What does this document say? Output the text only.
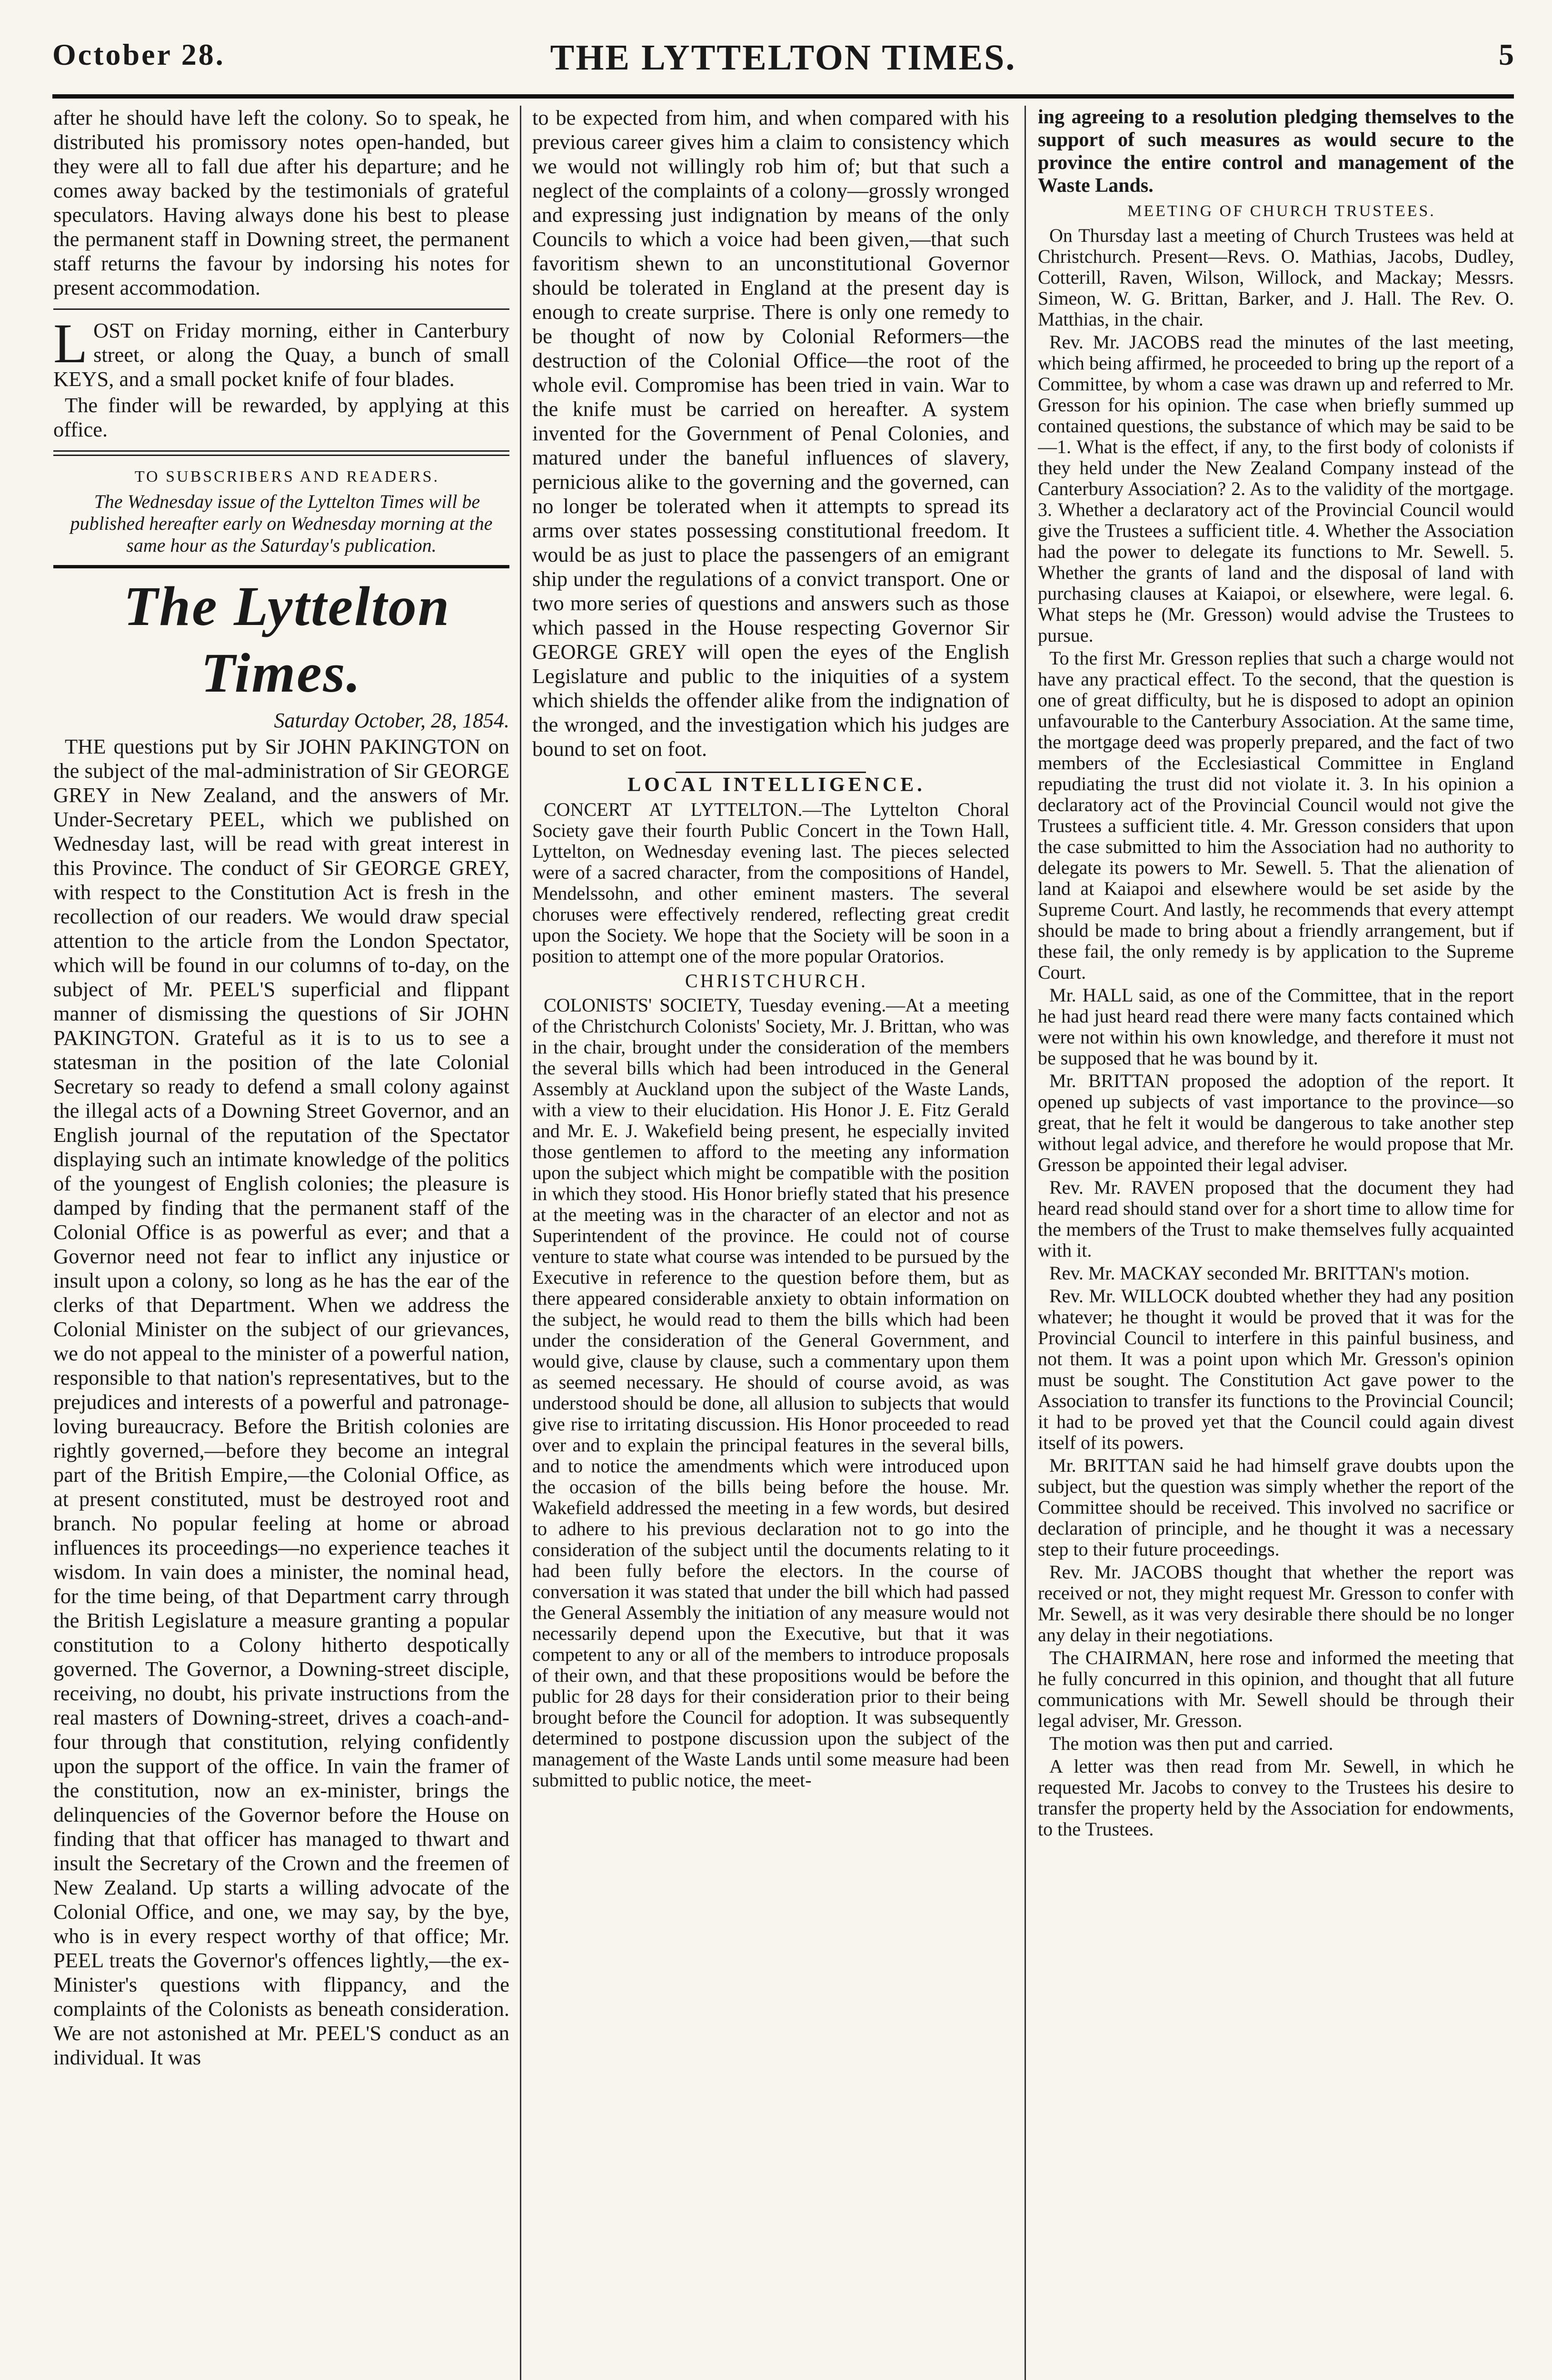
October 28.	THE LYTTELTON TIMES.	5

after he should have left the colony. So to speak, he distributed his promissory notes open-handed, but they were all to fall due after his departure; and he comes away backed by the testimonials of grateful speculators. Having always done his best to please the permanent staff in Downing street, the permanent staff returns the favour by indorsing his notes for present accommodation.

L OST on Friday morning, either in Canterbury street, or along the Quay, a bunch of small KEYS, and a small pocket knife of four blades.

The finder will be rewarded, by applying at this office.

TO SUBSCRIBERS AND READERS.

The Wednesday issue of the Lyttelton Times will be published hereafter early on Wednesday morning at the same hour as the Saturday's publication.

The Lyttelton Times.

Saturday October, 28, 1854.

THE questions put by Sir JOHN PAKINGTON on the subject of the mal-administration of Sir GEORGE GREY in New Zealand, and the answers of Mr. Under-Secretary PEEL, which we published on Wednesday last, will be read with great interest in this Province. The conduct of Sir GEORGE GREY, with respect to the Constitution Act is fresh in the recollection of our readers. We would draw special attention to the article from the London Spectator, which will be found in our columns of to-day, on the subject of Mr. PEEL'S superficial and flippant manner of dismissing the questions of Sir JOHN PAKINGTON. Grateful as it is to us to see a statesman in the position of the late Colonial Secretary so ready to defend a small colony against the illegal acts of a Downing Street Governor, and an English journal of the reputation of the Spectator displaying such an intimate knowledge of the politics of the youngest of English colonies; the pleasure is damped by finding that the permanent staff of the Colonial Office is as powerful as ever; and that a Governor need not fear to inflict any injustice or insult upon a colony, so long as he has the ear of the clerks of that Department. When we address the Colonial Minister on the subject of our grievances, we do not appeal to the minister of a powerful nation, responsible to that nation's representatives, but to the prejudices and interests of a powerful and patronage-loving bureaucracy. Before the British colonies are rightly governed,—before they become an integral part of the British Empire,—the Colonial Office, as at present constituted, must be destroyed root and branch. No popular feeling at home or abroad influences its proceedings—no experience teaches it wisdom. In vain does a minister, the nominal head, for the time being, of that Department carry through the British Legislature a measure granting a popular constitution to a Colony hitherto despotically governed. The Governor, a Downing-street disciple, receiving, no doubt, his private instructions from the real masters of Downing-street, drives a coach-and-four through that constitution, relying confidently upon the support of the office. In vain the framer of the constitution, now an ex-minister, brings the delinquencies of the Governor before the House on finding that that officer has managed to thwart and insult the Secretary of the Crown and the freemen of New Zealand. Up starts a willing advocate of the Colonial Office, and one, we may say, by the bye, who is in every respect worthy of that office; Mr. PEEL treats the Governor's offences lightly,—the ex-Minister's questions with flippancy, and the complaints of the Colonists as beneath consideration. We are not astonished at Mr. PEEL'S conduct as an individual. It was

to be expected from him, and when compared with his previous career gives him a claim to consistency which we would not willingly rob him of; but that such a neglect of the complaints of a colony—grossly wronged and expressing just indignation by means of the only Councils to which a voice had been given,—that such favoritism shewn to an unconstitutional Governor should be tolerated in England at the present day is enough to create surprise. There is only one remedy to be thought of now by Colonial Reformers—the destruction of the Colonial Office—the root of the whole evil. Compromise has been tried in vain. War to the knife must be carried on hereafter. A system invented for the Government of Penal Colonies, and matured under the baneful influences of slavery, pernicious alike to the governing and the governed, can no longer be tolerated when it attempts to spread its arms over states possessing constitutional freedom. It would be as just to place the passengers of an emigrant ship under the regulations of a convict transport. One or two more series of questions and answers such as those which passed in the House respecting Governor Sir GEORGE GREY will open the eyes of the English Legislature and public to the iniquities of a system which shields the offender alike from the indignation of the wronged, and the investigation which his judges are bound to set on foot.

LOCAL INTELLIGENCE.

CONCERT AT LYTTELTON.—The Lyttelton Choral Society gave their fourth Public Concert in the Town Hall, Lyttelton, on Wednesday evening last. The pieces selected were of a sacred character, from the compositions of Handel, Mendelssohn, and other eminent masters. The several choruses were effectively rendered, reflecting great credit upon the Society. We hope that the Society will be soon in a position to attempt one of the more popular Oratorios.

CHRISTCHURCH.

COLONISTS' SOCIETY, Tuesday evening.—At a meeting of the Christchurch Colonists' Society, Mr. J. Brittan, who was in the chair, brought under the consideration of the members the several bills which had been introduced in the General Assembly at Auckland upon the subject of the Waste Lands, with a view to their elucidation. His Honor J. E. Fitz Gerald and Mr. E. J. Wakefield being present, he especially invited those gentlemen to afford to the meeting any information upon the subject which might be compatible with the position in which they stood. His Honor briefly stated that his presence at the meeting was in the character of an elector and not as Superintendent of the province. He could not of course venture to state what course was intended to be pursued by the Executive in reference to the question before them, but as there appeared considerable anxiety to obtain information on the subject, he would read to them the bills which had been under the consideration of the General Government, and would give, clause by clause, such a commentary upon them as seemed necessary. He should of course avoid, as was understood should be done, all allusion to subjects that would give rise to irritating discussion. His Honor proceeded to read over and to explain the principal features in the several bills, and to notice the amendments which were introduced upon the occasion of the bills being before the house. Mr. Wakefield addressed the meeting in a few words, but desired to adhere to his previous declaration not to go into the consideration of the subject until the documents relating to it had been fully before the electors. In the course of conversation it was stated that under the bill which had passed the General Assembly the initiation of any measure would not necessarily depend upon the Executive, but that it was competent to any or all of the members to introduce proposals of their own, and that these propositions would be before the public for 28 days for their consideration prior to their being brought before the Council for adoption. It was subsequently determined to postpone discussion upon the subject of the management of the Waste Lands until some measure had been submitted to public notice, the meet-

ing agreeing to a resolution pledging themselves to the support of such measures as would secure to the province the entire control and management of the Waste Lands.

MEETING OF CHURCH TRUSTEES.

On Thursday last a meeting of Church Trustees was held at Christchurch. Present—Revs. O. Mathias, Jacobs, Dudley, Cotterill, Raven, Wilson, Willock, and Mackay; Messrs. Simeon, W. G. Brittan, Barker, and J. Hall. The Rev. O. Matthias, in the chair.

Rev. Mr. JACOBS read the minutes of the last meeting, which being affirmed, he proceeded to bring up the report of a Committee, by whom a case was drawn up and referred to Mr. Gresson for his opinion. The case when briefly summed up contained questions, the substance of which may be said to be—1. What is the effect, if any, to the first body of colonists if they held under the New Zealand Company instead of the Canterbury Association? 2. As to the validity of the mortgage. 3. Whether a declaratory act of the Provincial Council would give the Trustees a sufficient title. 4. Whether the Association had the power to delegate its functions to Mr. Sewell. 5. Whether the grants of land and the disposal of land with purchasing clauses at Kaiapoi, or elsewhere, were legal. 6. What steps he (Mr. Gresson) would advise the Trustees to pursue.

To the first Mr. Gresson replies that such a charge would not have any practical effect. To the second, that the question is one of great difficulty, but he is disposed to adopt an opinion unfavourable to the Canterbury Association. At the same time, the mortgage deed was properly prepared, and the fact of two members of the Ecclesiastical Committee in England repudiating the trust did not violate it. 3. In his opinion a declaratory act of the Provincial Council would not give the Trustees a sufficient title. 4. Mr. Gresson considers that upon the case submitted to him the Association had no authority to delegate its powers to Mr. Sewell. 5. That the alienation of land at Kaiapoi and elsewhere would be set aside by the Supreme Court. And lastly, he recommends that every attempt should be made to bring about a friendly arrangement, but if these fail, the only remedy is by application to the Supreme Court.

Mr. HALL said, as one of the Committee, that in the report he had just heard read there were many facts contained which were not within his own knowledge, and therefore it must not be supposed that he was bound by it.

Mr. BRITTAN proposed the adoption of the report. It opened up subjects of vast importance to the province—so great, that he felt it would be dangerous to take another step without legal advice, and therefore he would propose that Mr. Gresson be appointed their legal adviser.

Rev. Mr. RAVEN proposed that the document they had heard read should stand over for a short time to allow time for the members of the Trust to make themselves fully acquainted with it.

Rev. Mr. MACKAY seconded Mr. BRITTAN's motion.

Rev. Mr. WILLOCK doubted whether they had any position whatever; he thought it would be proved that it was for the Provincial Council to interfere in this painful business, and not them. It was a point upon which Mr. Gresson's opinion must be sought. The Constitution Act gave power to the Association to transfer its functions to the Provincial Council; it had to be proved yet that the Council could again divest itself of its powers.

Mr. BRITTAN said he had himself grave doubts upon the subject, but the question was simply whether the report of the Committee should be received. This involved no sacrifice or declaration of principle, and he thought it was a necessary step to their future proceedings.

Rev. Mr. JACOBS thought that whether the report was received or not, they might request Mr. Gresson to confer with Mr. Sewell, as it was very desirable there should be no longer any delay in their negotiations.

The CHAIRMAN, here rose and informed the meeting that he fully concurred in this opinion, and thought that all future communications with Mr. Sewell should be through their legal adviser, Mr. Gresson.

The motion was then put and carried.

A letter was then read from Mr. Sewell, in which he requested Mr. Jacobs to convey to the Trustees his desire to transfer the property held by the Association for endowments, to the Trustees.
